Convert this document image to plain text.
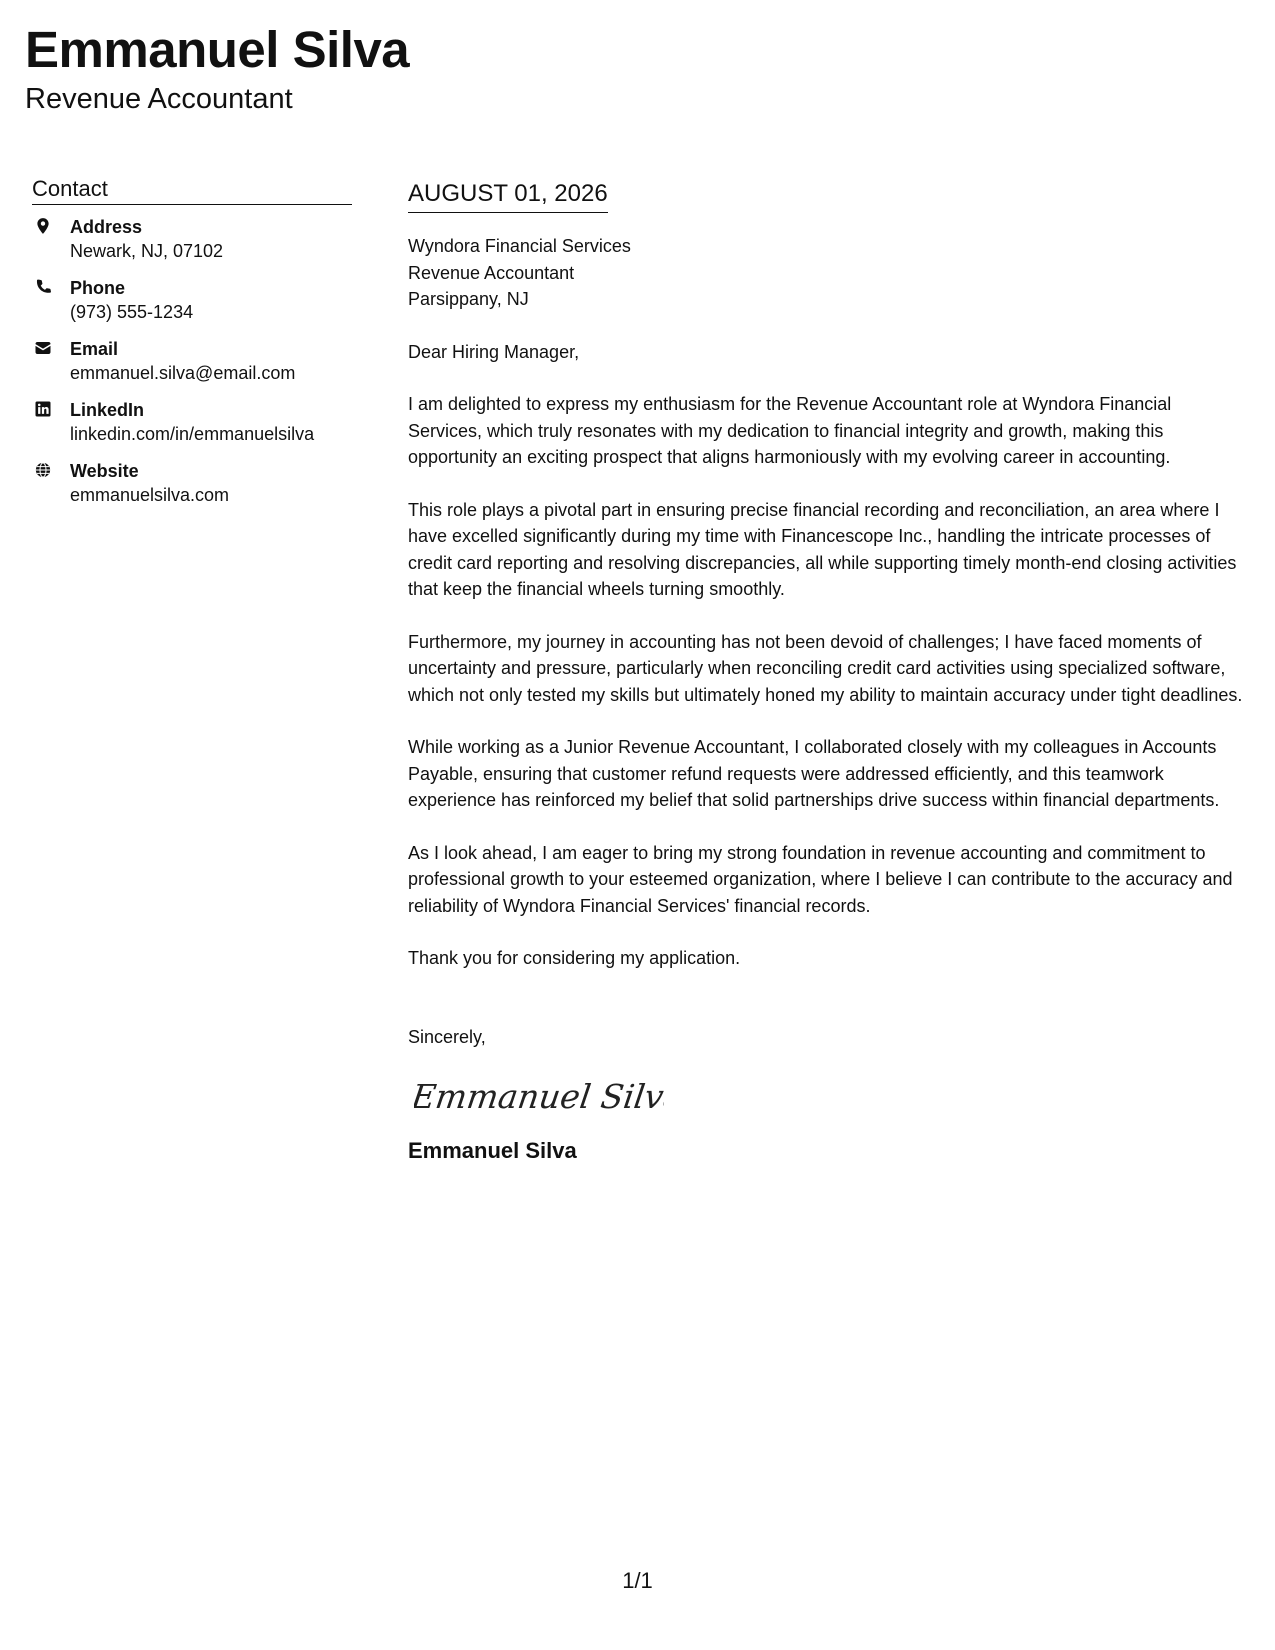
Emmanuel Silva
Revenue Accountant
Contact
Address
Newark, NJ, 07102
Phone
(973) 555-1234
Email
emmanuel.silva@email.com
LinkedIn
linkedin.com/in/emmanuelsilva
Website
emmanuelsilva.com
AUGUST 01, 2026
Wyndora Financial Services
Revenue Accountant
Parsippany, NJ

Dear Hiring Manager,

I am delighted to express my enthusiasm for the Revenue Accountant role at Wyndora Financial Services, which truly resonates with my dedication to financial integrity and growth, making this opportunity an exciting prospect that aligns harmoniously with my evolving career in accounting.

This role plays a pivotal part in ensuring precise financial recording and reconciliation, an area where I have excelled significantly during my time with Financescope Inc., handling the intricate processes of credit card reporting and resolving discrepancies, all while supporting timely month-end closing activities that keep the financial wheels turning smoothly.

Furthermore, my journey in accounting has not been devoid of challenges; I have faced moments of uncertainty and pressure, particularly when reconciling credit card activities using specialized software, which not only tested my skills but ultimately honed my ability to maintain accuracy under tight deadlines.

While working as a Junior Revenue Accountant, I collaborated closely with my colleagues in Accounts Payable, ensuring that customer refund requests were addressed efficiently, and this teamwork experience has reinforced my belief that solid partnerships drive success within financial departments.

As I look ahead, I am eager to bring my strong foundation in revenue accounting and commitment to professional growth to your esteemed organization, where I believe I can contribute to the accuracy and reliability of Wyndora Financial Services' financial records.

Thank you for considering my application.

Sincerely,
Emmanuel Silva
Emmanuel Silva
1/1
